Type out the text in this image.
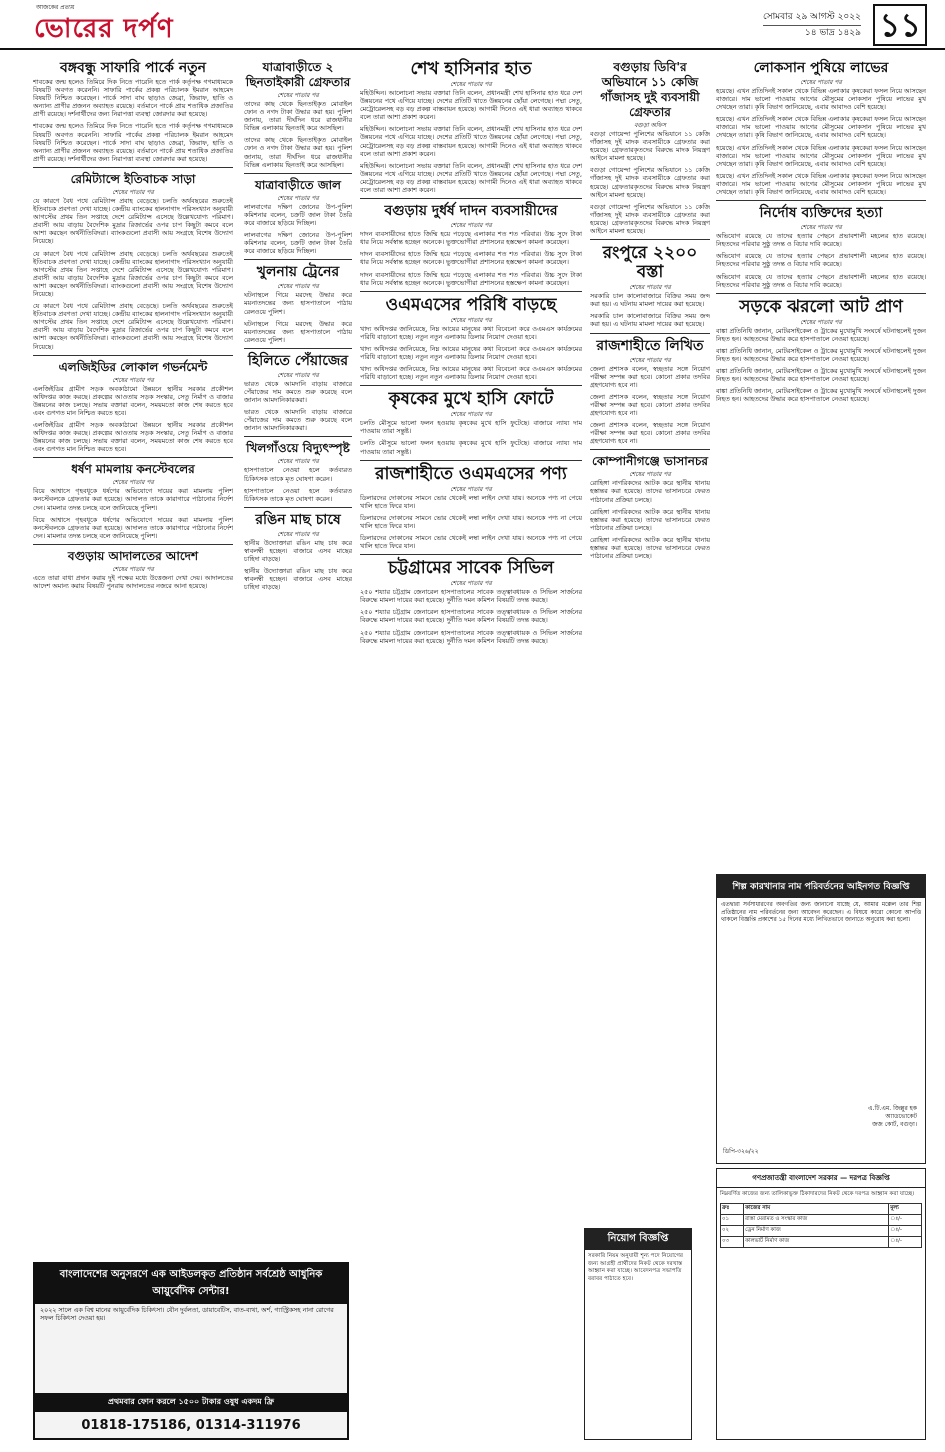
আজকের প্রত্যয়
ভোরের দর্পণ	সোমবার ২৯ আগস্ট ২০২২
১৪ ভাদ্র ১৪২৯ ১১
বঙ্গবন্ধু সাফারি পার্কে নতুন
শাবকের জন্ম হলেও তিমিরে দিক নিতে পারেনি হতে পার্ক কর্তৃপক্ষ গণমাধ্যমকে বিষয়টি অবগত করেননি। সাফারি পার্কের প্রকল্প পরিচালক ইমরান আহমেদ বিষয়টি নিশ্চিত করেছেন। পার্কে সাদা বাঘ ছাড়াও জেব্রা, জিরাফ, হাতি ও অন্যান্য প্রাণীর প্রজনন অব্যাহত রয়েছে। বর্তমানে পার্কে প্রায় শতাধিক প্রজাতির প্রাণী রয়েছে। দর্শনার্থীদের জন্য নিরাপত্তা ব্যবস্থা জোরদার করা হয়েছে।
শাবকের জন্ম হলেও তিমিরে দিক নিতে পারেনি হতে পার্ক কর্তৃপক্ষ গণমাধ্যমকে বিষয়টি অবগত করেননি। সাফারি পার্কের প্রকল্প পরিচালক ইমরান আহমেদ বিষয়টি নিশ্চিত করেছেন। পার্কে সাদা বাঘ ছাড়াও জেব্রা, জিরাফ, হাতি ও অন্যান্য প্রাণীর প্রজনন অব্যাহত রয়েছে। বর্তমানে পার্কে প্রায় শতাধিক প্রজাতির প্রাণী রয়েছে। দর্শনার্থীদের জন্য নিরাপত্তা ব্যবস্থা জোরদার করা হয়েছে।
রেমিট্যান্সে ইতিবাচক সাড়া
শেষের পাতার পর
যে কারণে বৈধ পথে রেমিট্যান্স প্রবাহ বেড়েছে। চলতি অর্থবছরের শুরুতেই ইতিবাচক প্রবণতা দেখা যাচ্ছে। কেন্দ্রীয় ব্যাংকের হালনাগাদ পরিসংখ্যান অনুযায়ী আগস্টের প্রথম তিন সপ্তাহে দেশে রেমিট্যান্স এসেছে উল্লেখযোগ্য পরিমাণ। প্রবাসী আয় বাড়ায় বৈদেশিক মুদ্রার রিজার্ভের ওপর চাপ কিছুটা কমবে বলে আশা করছেন অর্থনীতিবিদরা। ব্যাংকগুলো প্রবাসী আয় সংগ্রহে বিশেষ উদ্যোগ নিয়েছে।
যে কারণে বৈধ পথে রেমিট্যান্স প্রবাহ বেড়েছে। চলতি অর্থবছরের শুরুতেই ইতিবাচক প্রবণতা দেখা যাচ্ছে। কেন্দ্রীয় ব্যাংকের হালনাগাদ পরিসংখ্যান অনুযায়ী আগস্টের প্রথম তিন সপ্তাহে দেশে রেমিট্যান্স এসেছে উল্লেখযোগ্য পরিমাণ। প্রবাসী আয় বাড়ায় বৈদেশিক মুদ্রার রিজার্ভের ওপর চাপ কিছুটা কমবে বলে আশা করছেন অর্থনীতিবিদরা। ব্যাংকগুলো প্রবাসী আয় সংগ্রহে বিশেষ উদ্যোগ নিয়েছে।
যে কারণে বৈধ পথে রেমিট্যান্স প্রবাহ বেড়েছে। চলতি অর্থবছরের শুরুতেই ইতিবাচক প্রবণতা দেখা যাচ্ছে। কেন্দ্রীয় ব্যাংকের হালনাগাদ পরিসংখ্যান অনুযায়ী আগস্টের প্রথম তিন সপ্তাহে দেশে রেমিট্যান্স এসেছে উল্লেখযোগ্য পরিমাণ। প্রবাসী আয় বাড়ায় বৈদেশিক মুদ্রার রিজার্ভের ওপর চাপ কিছুটা কমবে বলে আশা করছেন অর্থনীতিবিদরা। ব্যাংকগুলো প্রবাসী আয় সংগ্রহে বিশেষ উদ্যোগ নিয়েছে।
এলজিইডির লোকাল গভর্নমেন্ট
শেষের পাতার পর
এলজিইডির গ্রামীণ সড়ক অবকাঠামো উন্নয়নে স্থানীয় সরকার প্রকৌশল অধিদপ্তর কাজ করছে। প্রকল্পের আওতায় সড়ক সংস্কার, সেতু নির্মাণ ও বাজার উন্নয়নের কাজ চলছে। সভায় বক্তারা বলেন, সময়মতো কাজ শেষ করতে হবে এবং গুণগত মান নিশ্চিত করতে হবে।
এলজিইডির গ্রামীণ সড়ক অবকাঠামো উন্নয়নে স্থানীয় সরকার প্রকৌশল অধিদপ্তর কাজ করছে। প্রকল্পের আওতায় সড়ক সংস্কার, সেতু নির্মাণ ও বাজার উন্নয়নের কাজ চলছে। সভায় বক্তারা বলেন, সময়মতো কাজ শেষ করতে হবে এবং গুণগত মান নিশ্চিত করতে হবে।
ধর্ষণ মামলায় কনস্টেবলের
শেষের পাতার পর
বিয়ে আশ্বাসে গৃহবধূকে ধর্ষণের অভিযোগে দায়ের করা মামলায় পুলিশ কনস্টেবলকে গ্রেফতার করা হয়েছে। আদালত তাকে কারাগারে পাঠানোর নির্দেশ দেন। মামলার তদন্ত চলছে বলে জানিয়েছে পুলিশ।
বিয়ে আশ্বাসে গৃহবধূকে ধর্ষণের অভিযোগে দায়ের করা মামলায় পুলিশ কনস্টেবলকে গ্রেফতার করা হয়েছে। আদালত তাকে কারাগারে পাঠানোর নির্দেশ দেন। মামলার তদন্ত চলছে বলে জানিয়েছে পুলিশ।
বগুড়ায় আদালতের আদেশ
শেষের পাতার পর
এতে তারা বাধা প্রদান করায় দুই পক্ষের মধ্যে উত্তেজনা দেখা দেয়। আদালতের আদেশ অমান্য করায় বিষয়টি পুনরায় আদালতের নজরে আনা হয়েছে।
যাত্রাবাড়ীতে ২ ছিনতাইকারী গ্রেফতার
শেষের পাতার পর
তাদের কাছ থেকে ছিনতাইকৃত মোবাইল ফোন ও নগদ টাকা উদ্ধার করা হয়। পুলিশ জানায়, তারা দীর্ঘদিন ধরে রাজধানীর বিভিন্ন এলাকায় ছিনতাই করে আসছিল।
তাদের কাছ থেকে ছিনতাইকৃত মোবাইল ফোন ও নগদ টাকা উদ্ধার করা হয়। পুলিশ জানায়, তারা দীর্ঘদিন ধরে রাজধানীর বিভিন্ন এলাকায় ছিনতাই করে আসছিল।
যাত্রাবাড়ীতে জাল
শেষের পাতার পর
লালবাগের দক্ষিণ জোনের উপ-পুলিশ কমিশনার বলেন, চক্রটি জাল টাকা তৈরি করে বাজারে ছড়িয়ে দিচ্ছিল।
লালবাগের দক্ষিণ জোনের উপ-পুলিশ কমিশনার বলেন, চক্রটি জাল টাকা তৈরি করে বাজারে ছড়িয়ে দিচ্ছিল।
খুলনায় ট্রেনের
শেষের পাতার পর
ঘটনাস্থলে গিয়ে মরদেহ উদ্ধার করে ময়নাতদন্তের জন্য হাসপাতালে পাঠায় রেলওয়ে পুলিশ।
ঘটনাস্থলে গিয়ে মরদেহ উদ্ধার করে ময়নাতদন্তের জন্য হাসপাতালে পাঠায় রেলওয়ে পুলিশ।
হিলিতে পেঁয়াজের
শেষের পাতার পর
ভারত থেকে আমদানি বাড়ায় বাজারে পেঁয়াজের দাম কমতে শুরু করেছে বলে জানান আমদানিকারকরা।
ভারত থেকে আমদানি বাড়ায় বাজারে পেঁয়াজের দাম কমতে শুরু করেছে বলে জানান আমদানিকারকরা।
খিলগাঁওয়ে বিদ্যুৎস্পৃষ্ট
শেষের পাতার পর
হাসপাতালে নেওয়া হলে কর্তব্যরত চিকিৎসক তাকে মৃত ঘোষণা করেন।
হাসপাতালে নেওয়া হলে কর্তব্যরত চিকিৎসক তাকে মৃত ঘোষণা করেন।
রঙিন মাছ চাষে
শেষের পাতার পর
স্থানীয় উদ্যোক্তারা রঙিন মাছ চাষ করে স্বাবলম্বী হচ্ছেন। বাজারে এসব মাছের চাহিদা বাড়ছে।
স্থানীয় উদ্যোক্তারা রঙিন মাছ চাষ করে স্বাবলম্বী হচ্ছেন। বাজারে এসব মাছের চাহিদা বাড়ছে।
শেখ হাসিনার হাত
শেষের পাতার পর
মহিউদ্দিন। আলোচনা সভায় বক্তারা তিনি বলেন, প্রধানমন্ত্রী শেখ হাসিনার হাত ধরে দেশ উন্নয়নের পথে এগিয়ে যাচ্ছে। দেশের প্রতিটি খাতে উন্নয়নের ছোঁয়া লেগেছে। পদ্মা সেতু, মেট্রোরেলসহ বড় বড় প্রকল্প বাস্তবায়ন হয়েছে। আগামী দিনেও এই ধারা অব্যাহত থাকবে বলে তারা আশা প্রকাশ করেন।
মহিউদ্দিন। আলোচনা সভায় বক্তারা তিনি বলেন, প্রধানমন্ত্রী শেখ হাসিনার হাত ধরে দেশ উন্নয়নের পথে এগিয়ে যাচ্ছে। দেশের প্রতিটি খাতে উন্নয়নের ছোঁয়া লেগেছে। পদ্মা সেতু, মেট্রোরেলসহ বড় বড় প্রকল্প বাস্তবায়ন হয়েছে। আগামী দিনেও এই ধারা অব্যাহত থাকবে বলে তারা আশা প্রকাশ করেন।
মহিউদ্দিন। আলোচনা সভায় বক্তারা তিনি বলেন, প্রধানমন্ত্রী শেখ হাসিনার হাত ধরে দেশ উন্নয়নের পথে এগিয়ে যাচ্ছে। দেশের প্রতিটি খাতে উন্নয়নের ছোঁয়া লেগেছে। পদ্মা সেতু, মেট্রোরেলসহ বড় বড় প্রকল্প বাস্তবায়ন হয়েছে। আগামী দিনেও এই ধারা অব্যাহত থাকবে বলে তারা আশা প্রকাশ করেন।
বগুড়ায় দুর্ধর্ষ দাদন ব্যবসায়ীদের
শেষের পাতার পর
দাদন ব্যবসায়ীদের হাতে জিম্মি হয়ে পড়েছে এলাকার শত শত পরিবার। উচ্চ সুদে টাকা ধার নিয়ে সর্বস্বান্ত হচ্ছেন অনেকে। ভুক্তভোগীরা প্রশাসনের হস্তক্ষেপ কামনা করেছেন।
দাদন ব্যবসায়ীদের হাতে জিম্মি হয়ে পড়েছে এলাকার শত শত পরিবার। উচ্চ সুদে টাকা ধার নিয়ে সর্বস্বান্ত হচ্ছেন অনেকে। ভুক্তভোগীরা প্রশাসনের হস্তক্ষেপ কামনা করেছেন।
দাদন ব্যবসায়ীদের হাতে জিম্মি হয়ে পড়েছে এলাকার শত শত পরিবার। উচ্চ সুদে টাকা ধার নিয়ে সর্বস্বান্ত হচ্ছেন অনেকে। ভুক্তভোগীরা প্রশাসনের হস্তক্ষেপ কামনা করেছেন।
ওএমএসের পরিধি বাড়ছে
শেষের পাতার পর
খাদ্য অধিদপ্তর জানিয়েছে, নিম্ন আয়ের মানুষের কথা বিবেচনা করে ওএমএস কার্যক্রমের পরিধি বাড়ানো হচ্ছে। নতুন নতুন এলাকায় ডিলার নিয়োগ দেওয়া হবে।
খাদ্য অধিদপ্তর জানিয়েছে, নিম্ন আয়ের মানুষের কথা বিবেচনা করে ওএমএস কার্যক্রমের পরিধি বাড়ানো হচ্ছে। নতুন নতুন এলাকায় ডিলার নিয়োগ দেওয়া হবে।
খাদ্য অধিদপ্তর জানিয়েছে, নিম্ন আয়ের মানুষের কথা বিবেচনা করে ওএমএস কার্যক্রমের পরিধি বাড়ানো হচ্ছে। নতুন নতুন এলাকায় ডিলার নিয়োগ দেওয়া হবে।
কৃষকের মুখে হাসি ফোটে
শেষের পাতার পর
চলতি মৌসুমে ভালো ফলন হওয়ায় কৃষকের মুখে হাসি ফুটেছে। বাজারে ন্যায্য দাম পাওয়ায় তারা সন্তুষ্ট।
চলতি মৌসুমে ভালো ফলন হওয়ায় কৃষকের মুখে হাসি ফুটেছে। বাজারে ন্যায্য দাম পাওয়ায় তারা সন্তুষ্ট।
রাজশাহীতে ওএমএসের পণ্য
শেষের পাতার পর
ডিলারদের দোকানের সামনে ভোর থেকেই লম্বা লাইন দেখা যায়। অনেকে পণ্য না পেয়ে খালি হাতে ফিরে যান।
ডিলারদের দোকানের সামনে ভোর থেকেই লম্বা লাইন দেখা যায়। অনেকে পণ্য না পেয়ে খালি হাতে ফিরে যান।
ডিলারদের দোকানের সামনে ভোর থেকেই লম্বা লাইন দেখা যায়। অনেকে পণ্য না পেয়ে খালি হাতে ফিরে যান।
চট্টগ্রামের সাবেক সিভিল
শেষের পাতার পর
২৫০ শয্যার চট্টগ্রাম জেনারেল হাসপাতালের সাবেক তত্ত্বাবধায়ক ও সিভিল সার্জনের বিরুদ্ধে মামলা দায়ের করা হয়েছে। দুর্নীতি দমন কমিশন বিষয়টি তদন্ত করছে।
২৫০ শয্যার চট্টগ্রাম জেনারেল হাসপাতালের সাবেক তত্ত্বাবধায়ক ও সিভিল সার্জনের বিরুদ্ধে মামলা দায়ের করা হয়েছে। দুর্নীতি দমন কমিশন বিষয়টি তদন্ত করছে।
২৫০ শয্যার চট্টগ্রাম জেনারেল হাসপাতালের সাবেক তত্ত্বাবধায়ক ও সিভিল সার্জনের বিরুদ্ধে মামলা দায়ের করা হয়েছে। দুর্নীতি দমন কমিশন বিষয়টি তদন্ত করছে।
বগুড়ায় ডিবি'র অভিযানে ১১ কেজি গাঁজাসহ দুই ব্যবসায়ী গ্রেফতার
বগুড়া অফিস
বগুড়া গোয়েন্দা পুলিশের অভিযানে ১১ কেজি গাঁজাসহ দুই মাদক ব্যবসায়ীকে গ্রেফতার করা হয়েছে। গ্রেফতারকৃতদের বিরুদ্ধে মাদক নিয়ন্ত্রণ আইনে মামলা হয়েছে।
বগুড়া গোয়েন্দা পুলিশের অভিযানে ১১ কেজি গাঁজাসহ দুই মাদক ব্যবসায়ীকে গ্রেফতার করা হয়েছে। গ্রেফতারকৃতদের বিরুদ্ধে মাদক নিয়ন্ত্রণ আইনে মামলা হয়েছে।
বগুড়া গোয়েন্দা পুলিশের অভিযানে ১১ কেজি গাঁজাসহ দুই মাদক ব্যবসায়ীকে গ্রেফতার করা হয়েছে। গ্রেফতারকৃতদের বিরুদ্ধে মাদক নিয়ন্ত্রণ আইনে মামলা হয়েছে।
রংপুরে ২২০০ বস্তা
শেষের পাতার পর
সরকারি চাল কালোবাজারে বিক্রির সময় জব্দ করা হয়। এ ঘটনায় মামলা দায়ের করা হয়েছে।
সরকারি চাল কালোবাজারে বিক্রির সময় জব্দ করা হয়। এ ঘটনায় মামলা দায়ের করা হয়েছে।
রাজশাহীতে লিখিত
শেষের পাতার পর
জেলা প্রশাসক বলেন, স্বচ্ছতার সঙ্গে নিয়োগ পরীক্ষা সম্পন্ন করা হবে। কোনো প্রকার তদবির গ্রহণযোগ্য হবে না।
জেলা প্রশাসক বলেন, স্বচ্ছতার সঙ্গে নিয়োগ পরীক্ষা সম্পন্ন করা হবে। কোনো প্রকার তদবির গ্রহণযোগ্য হবে না।
জেলা প্রশাসক বলেন, স্বচ্ছতার সঙ্গে নিয়োগ পরীক্ষা সম্পন্ন করা হবে। কোনো প্রকার তদবির গ্রহণযোগ্য হবে না।
কোম্পানীগঞ্জে ভাসানচর
শেষের পাতার পর
রোহিঙ্গা নাগরিকদের আটক করে স্থানীয় থানায় হস্তান্তর করা হয়েছে। তাদের ভাসানচরে ফেরত পাঠানোর প্রক্রিয়া চলছে।
রোহিঙ্গা নাগরিকদের আটক করে স্থানীয় থানায় হস্তান্তর করা হয়েছে। তাদের ভাসানচরে ফেরত পাঠানোর প্রক্রিয়া চলছে।
রোহিঙ্গা নাগরিকদের আটক করে স্থানীয় থানায় হস্তান্তর করা হয়েছে। তাদের ভাসানচরে ফেরত পাঠানোর প্রক্রিয়া চলছে।
লোকসান পুষিয়ে লাভের
শেষের পাতার পর
হয়েছে। এখন প্রতিদিনই সকাল থেকে বিভিন্ন এলাকার কৃষকেরা ফসল নিয়ে আসছেন বাজারে। দাম ভালো পাওয়ায় আগের মৌসুমের লোকসান পুষিয়ে লাভের মুখ দেখছেন তারা। কৃষি বিভাগ জানিয়েছে, এবার আবাদও বেশি হয়েছে।
হয়েছে। এখন প্রতিদিনই সকাল থেকে বিভিন্ন এলাকার কৃষকেরা ফসল নিয়ে আসছেন বাজারে। দাম ভালো পাওয়ায় আগের মৌসুমের লোকসান পুষিয়ে লাভের মুখ দেখছেন তারা। কৃষি বিভাগ জানিয়েছে, এবার আবাদও বেশি হয়েছে।
হয়েছে। এখন প্রতিদিনই সকাল থেকে বিভিন্ন এলাকার কৃষকেরা ফসল নিয়ে আসছেন বাজারে। দাম ভালো পাওয়ায় আগের মৌসুমের লোকসান পুষিয়ে লাভের মুখ দেখছেন তারা। কৃষি বিভাগ জানিয়েছে, এবার আবাদও বেশি হয়েছে।
হয়েছে। এখন প্রতিদিনই সকাল থেকে বিভিন্ন এলাকার কৃষকেরা ফসল নিয়ে আসছেন বাজারে। দাম ভালো পাওয়ায় আগের মৌসুমের লোকসান পুষিয়ে লাভের মুখ দেখছেন তারা। কৃষি বিভাগ জানিয়েছে, এবার আবাদও বেশি হয়েছে।
নির্দোষ ব্যক্তিদের হত্যা
শেষের পাতার পর
অভিযোগ রয়েছে যে তাদের হত্যার পেছনে প্রভাবশালী মহলের হাত রয়েছে। নিহতদের পরিবার সুষ্ঠু তদন্ত ও বিচার দাবি করেছে।
অভিযোগ রয়েছে যে তাদের হত্যার পেছনে প্রভাবশালী মহলের হাত রয়েছে। নিহতদের পরিবার সুষ্ঠু তদন্ত ও বিচার দাবি করেছে।
অভিযোগ রয়েছে যে তাদের হত্যার পেছনে প্রভাবশালী মহলের হাত রয়েছে। নিহতদের পরিবার সুষ্ঠু তদন্ত ও বিচার দাবি করেছে।
সড়কে ঝরলো আট প্রাণ
শেষের পাতার পর
বাঙ্কা প্রতিনিধি জানান, মোটরসাইকেল ও ট্রাকের মুখোমুখি সংঘর্ষে ঘটনাস্থলেই দুজন নিহত হন। আহতদের উদ্ধার করে হাসপাতালে নেওয়া হয়েছে।
বাঙ্কা প্রতিনিধি জানান, মোটরসাইকেল ও ট্রাকের মুখোমুখি সংঘর্ষে ঘটনাস্থলেই দুজন নিহত হন। আহতদের উদ্ধার করে হাসপাতালে নেওয়া হয়েছে।
বাঙ্কা প্রতিনিধি জানান, মোটরসাইকেল ও ট্রাকের মুখোমুখি সংঘর্ষে ঘটনাস্থলেই দুজন নিহত হন। আহতদের উদ্ধার করে হাসপাতালে নেওয়া হয়েছে।
বাঙ্কা প্রতিনিধি জানান, মোটরসাইকেল ও ট্রাকের মুখোমুখি সংঘর্ষে ঘটনাস্থলেই দুজন নিহত হন। আহতদের উদ্ধার করে হাসপাতালে নেওয়া হয়েছে।
বাংলাদেশের অনুসরণে এক আইডলকৃত প্রতিষ্ঠান সর্বশ্রেষ্ঠ আধুনিক আয়ুর্বেদিক সেন্টার!
২০২২ সালে এক বিশ্ব মানের আয়ুর্বেদিক চিকিৎসা। যৌন দুর্বলতা, ডায়াবেটিস, বাত-ব্যথা, অর্শ, গ্যাস্ট্রিকসহ নানা রোগের সফল চিকিৎসা দেওয়া হয়।
প্রথমবার ফোন করলে ১৫০০ টাকার ওষুধ একদম ফ্রি
01818-175186, 01314-311976
নিয়োগ বিজ্ঞপ্তি
সরকারি নিয়ম অনুযায়ী শূন্য পদে নিয়োগের জন্য আগ্রহী প্রার্থীদের নিকট থেকে দরখাস্ত আহ্বান করা যাচ্ছে। আবেদনপত্র সভাপতি বরাবর পাঠাতে হবে।
শিল্প কারখানার নাম পরিবর্তনের আইনগত বিজ্ঞপ্তি
এতদ্বারা সর্বসাধারণের অবগতির জন্য জানানো যাচ্ছে যে, আমার মক্কেল তার শিল্প প্রতিষ্ঠানের নাম পরিবর্তনের জন্য আবেদন করেছেন। এ বিষয়ে কারো কোনো আপত্তি থাকলে বিজ্ঞপ্তি প্রকাশের ১৫ দিনের মধ্যে লিখিতভাবে জানাতে অনুরোধ করা হলো।
এ.টি.এম. জিল্লুর হক
অ্যাডভোকেট
জজ কোর্ট, বগুড়া।
ডিপি-৩২৬/২২
গণপ্রজাতন্ত্রী বাংলাদেশ সরকার — দরপত্র বিজ্ঞপ্তি
নিম্নবর্ণিত কাজের জন্য তালিকাভুক্ত ঠিকাদারদের নিকট থেকে দরপত্র আহ্বান করা যাচ্ছে।
ক্রঃ	কাজের নাম	মূল্য
০১	রাস্তা মেরামত ও সংস্কার কাজ	ঃ/-
০২	ড্রেন নির্মাণ কাজ	ঃ/-
০৩	কালভার্ট নির্মাণ কাজ	ঃ/-
